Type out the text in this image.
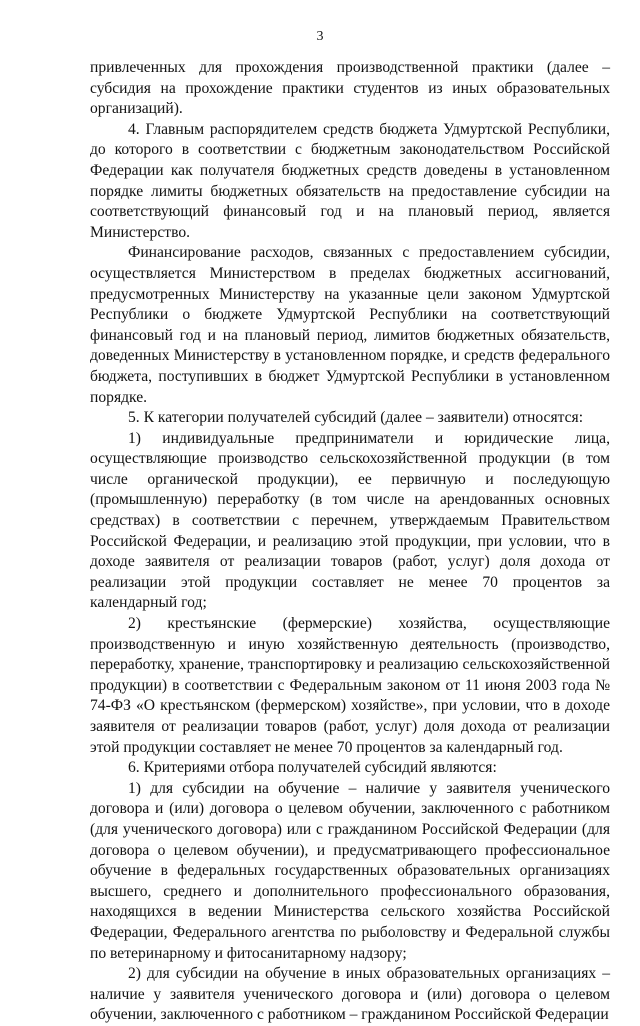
3

привлеченных для прохождения производственной практики (далее – субсидия на прохождение практики студентов из иных образовательных организаций).

4. Главным распорядителем средств бюджета Удмуртской Республики, до которого в соответствии с бюджетным законодательством Российской Федерации как получателя бюджетных средств доведены в установленном порядке лимиты бюджетных обязательств на предоставление субсидии на соответствующий финансовый год и на плановый период, является Министерство.

Финансирование расходов, связанных с предоставлением субсидии, осуществляется Министерством в пределах бюджетных ассигнований, предусмотренных Министерству на указанные цели законом Удмуртской Республики о бюджете Удмуртской Республики на соответствующий финансовый год и на плановый период, лимитов бюджетных обязательств, доведенных Министерству в установленном порядке, и средств федерального бюджета, поступивших в бюджет Удмуртской Республики в установленном порядке.

5. К категории получателей субсидий (далее – заявители) относятся:

1) индивидуальные предприниматели и юридические лица, осуществляющие производство сельскохозяйственной продукции (в том числе органической продукции), ее первичную и последующую (промышленную) переработку (в том числе на арендованных основных средствах) в соответствии с перечнем, утверждаемым Правительством Российской Федерации, и реализацию этой продукции, при условии, что в доходе заявителя от реализации товаров (работ, услуг) доля дохода от реализации этой продукции составляет не менее 70 процентов за календарный год;

2) крестьянские (фермерские) хозяйства, осуществляющие производственную и иную хозяйственную деятельность (производство, переработку, хранение, транспортировку и реализацию сельскохозяйственной продукции) в соответствии с Федеральным законом от 11 июня 2003 года № 74-ФЗ «О крестьянском (фермерском) хозяйстве», при условии, что в доходе заявителя от реализации товаров (работ, услуг) доля дохода от реализации этой продукции составляет не менее 70 процентов за календарный год.

6. Критериями отбора получателей субсидий являются:

1) для субсидии на обучение – наличие у заявителя ученического договора и (или) договора о целевом обучении, заключенного с работником (для ученического договора) или с гражданином Российской Федерации (для договора о целевом обучении), и предусматривающего профессиональное обучение в федеральных государственных образовательных организациях высшего, среднего и дополнительного профессионального образования, находящихся в ведении Министерства сельского хозяйства Российской Федерации, Федерального агентства по рыболовству и Федеральной службы по ветеринарному и фитосанитарному надзору;

2) для субсидии на обучение в иных образовательных организациях – наличие у заявителя ученического договора и (или) договора о целевом обучении, заключенного с работником – гражданином Российской Федерации
